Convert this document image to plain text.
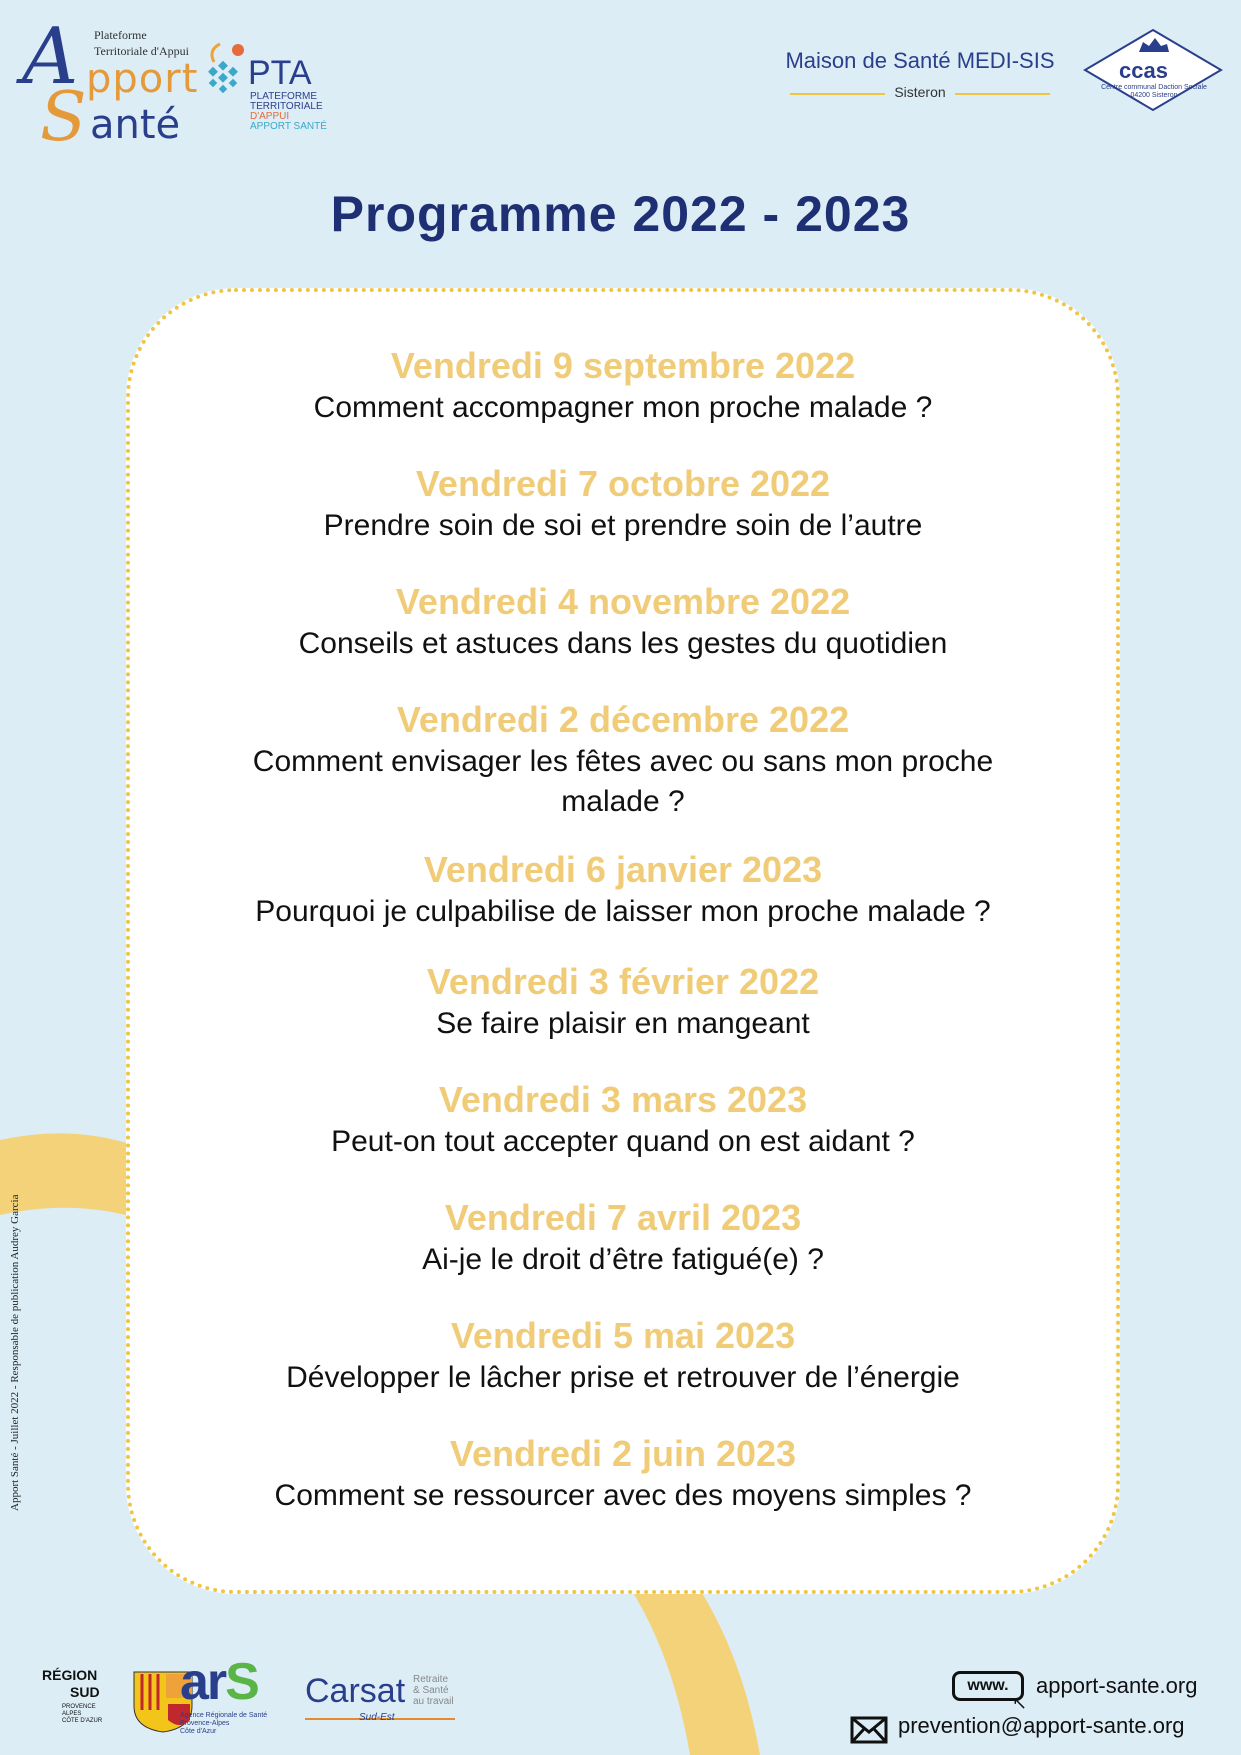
Plateforme
Territoriale d'Appui
A pport
S anté
PTA
PLATEFORME
TERRITORIALE
D'APPUI
APPORT SANTÉ
Maison de Santé MEDI-SIS
Sisteron
ccas
Centre communal Daction Sociale
04200 Sisteron
Programme 2022 - 2023
Vendredi 9 septembre 2022
Comment accompagner mon proche malade ?
Vendredi 7 octobre 2022
Prendre soin de soi et prendre soin de l’autre
Vendredi 4 novembre 2022
Conseils et astuces dans les gestes du quotidien
Vendredi 2 décembre 2022
Comment envisager les fêtes avec ou sans mon proche malade ?
Vendredi 6 janvier 2023
Pourquoi je culpabilise de laisser mon proche malade ?
Vendredi 3 février 2022
Se faire plaisir en mangeant
Vendredi 3 mars 2023
Peut-on tout accepter quand on est aidant ?
Vendredi 7 avril 2023
Ai-je le droit d’être fatigué(e) ?
Vendredi 5 mai 2023
Développer le lâcher prise et retrouver de l’énergie
Vendredi 2 juin 2023
Comment se ressourcer avec des moyens simples ?
Apport Santé - Juillet 2022 - Responsable de publication Audrey Garcia
RÉGION
SUD
PROVENCE
ALPES
CÔTE D'AZUR
arS
Agence Régionale de Santé
Provence-Alpes
Côte d'Azur
Carsat Retraite
& Santé
au travail
Sud-Est
www.
↖
apport-sante.org
prevention@apport-sante.org
